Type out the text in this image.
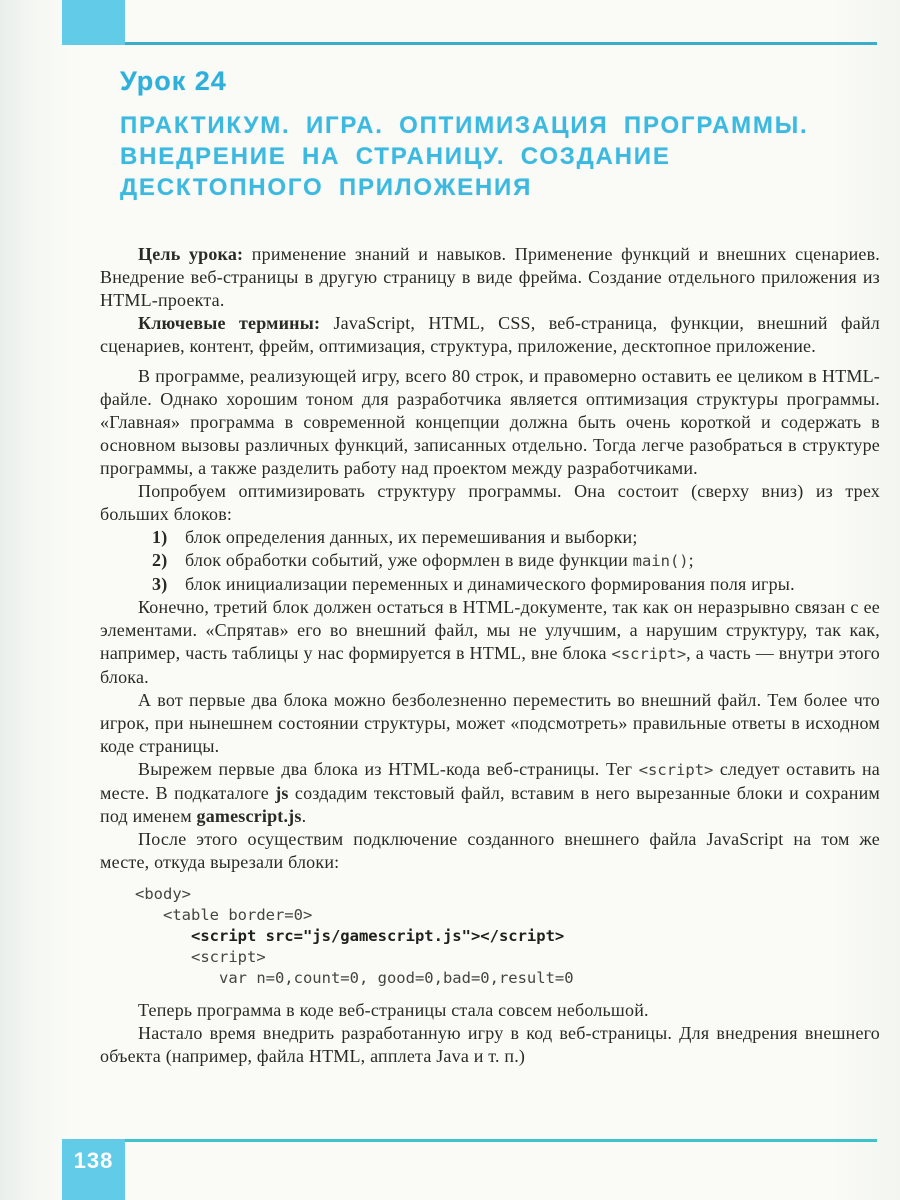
Урок 24
ПРАКТИКУМ. ИГРА. ОПТИМИЗАЦИЯ ПРОГРАММЫ.
ВНЕДРЕНИЕ НА СТРАНИЦУ. СОЗДАНИЕ
ДЕСКТОПНОГО ПРИЛОЖЕНИЯ
Цель урока: применение знаний и навыков. Применение функций и внешних сценариев. Внедрение веб-страницы в другую страницу в виде фрейма. Создание отдельного приложения из HTML-проекта.
Ключевые термины: JavaScript, HTML, CSS, веб-страница, функции, внешний файл сценариев, контент, фрейм, оптимизация, структура, приложение, десктопное приложение.
В программе, реализующей игру, всего 80 строк, и правомерно оставить ее целиком в HTML-файле. Однако хорошим тоном для разработчика является оптимизация структуры программы. «Главная» программа в современной концепции должна быть очень короткой и содержать в основном вызовы различных функций, записанных отдельно. Тогда легче разобраться в структуре программы, а также разделить работу над проектом между разработчиками.
Попробуем оптимизировать структуру программы. Она состоит (сверху вниз) из трех больших блоков:
1) блок определения данных, их перемешивания и выборки;
2) блок обработки событий, уже оформлен в виде функции main();
3) блок инициализации переменных и динамического формирования поля игры.
Конечно, третий блок должен остаться в HTML-документе, так как он неразрывно связан с ее элементами. «Спрятав» его во внешний файл, мы не улучшим, а нарушим структуру, так как, например, часть таблицы у нас формируется в HTML, вне блока <script>, а часть — внутри этого блока.
А вот первые два блока можно безболезненно переместить во внешний файл. Тем более что игрок, при нынешнем состоянии структуры, может «подсмотреть» правильные ответы в исходном коде страницы.
Вырежем первые два блока из HTML-кода веб-страницы. Тег <script> следует оставить на месте. В подкаталоге js создадим текстовый файл, вставим в него вырезанные блоки и сохраним под именем gamescript.js.
После этого осуществим подключение созданного внешнего файла JavaScript на том же месте, откуда вырезали блоки:
<body>
<table border=0>
<script src="js/gamescript.js"></script>
<script>
var n=0,count=0, good=0,bad=0,result=0
Теперь программа в коде веб-страницы стала совсем небольшой.
Настало время внедрить разработанную игру в код веб-страницы. Для внедрения внешнего объекта (например, файла HTML, апплета Java и т. п.)
138
